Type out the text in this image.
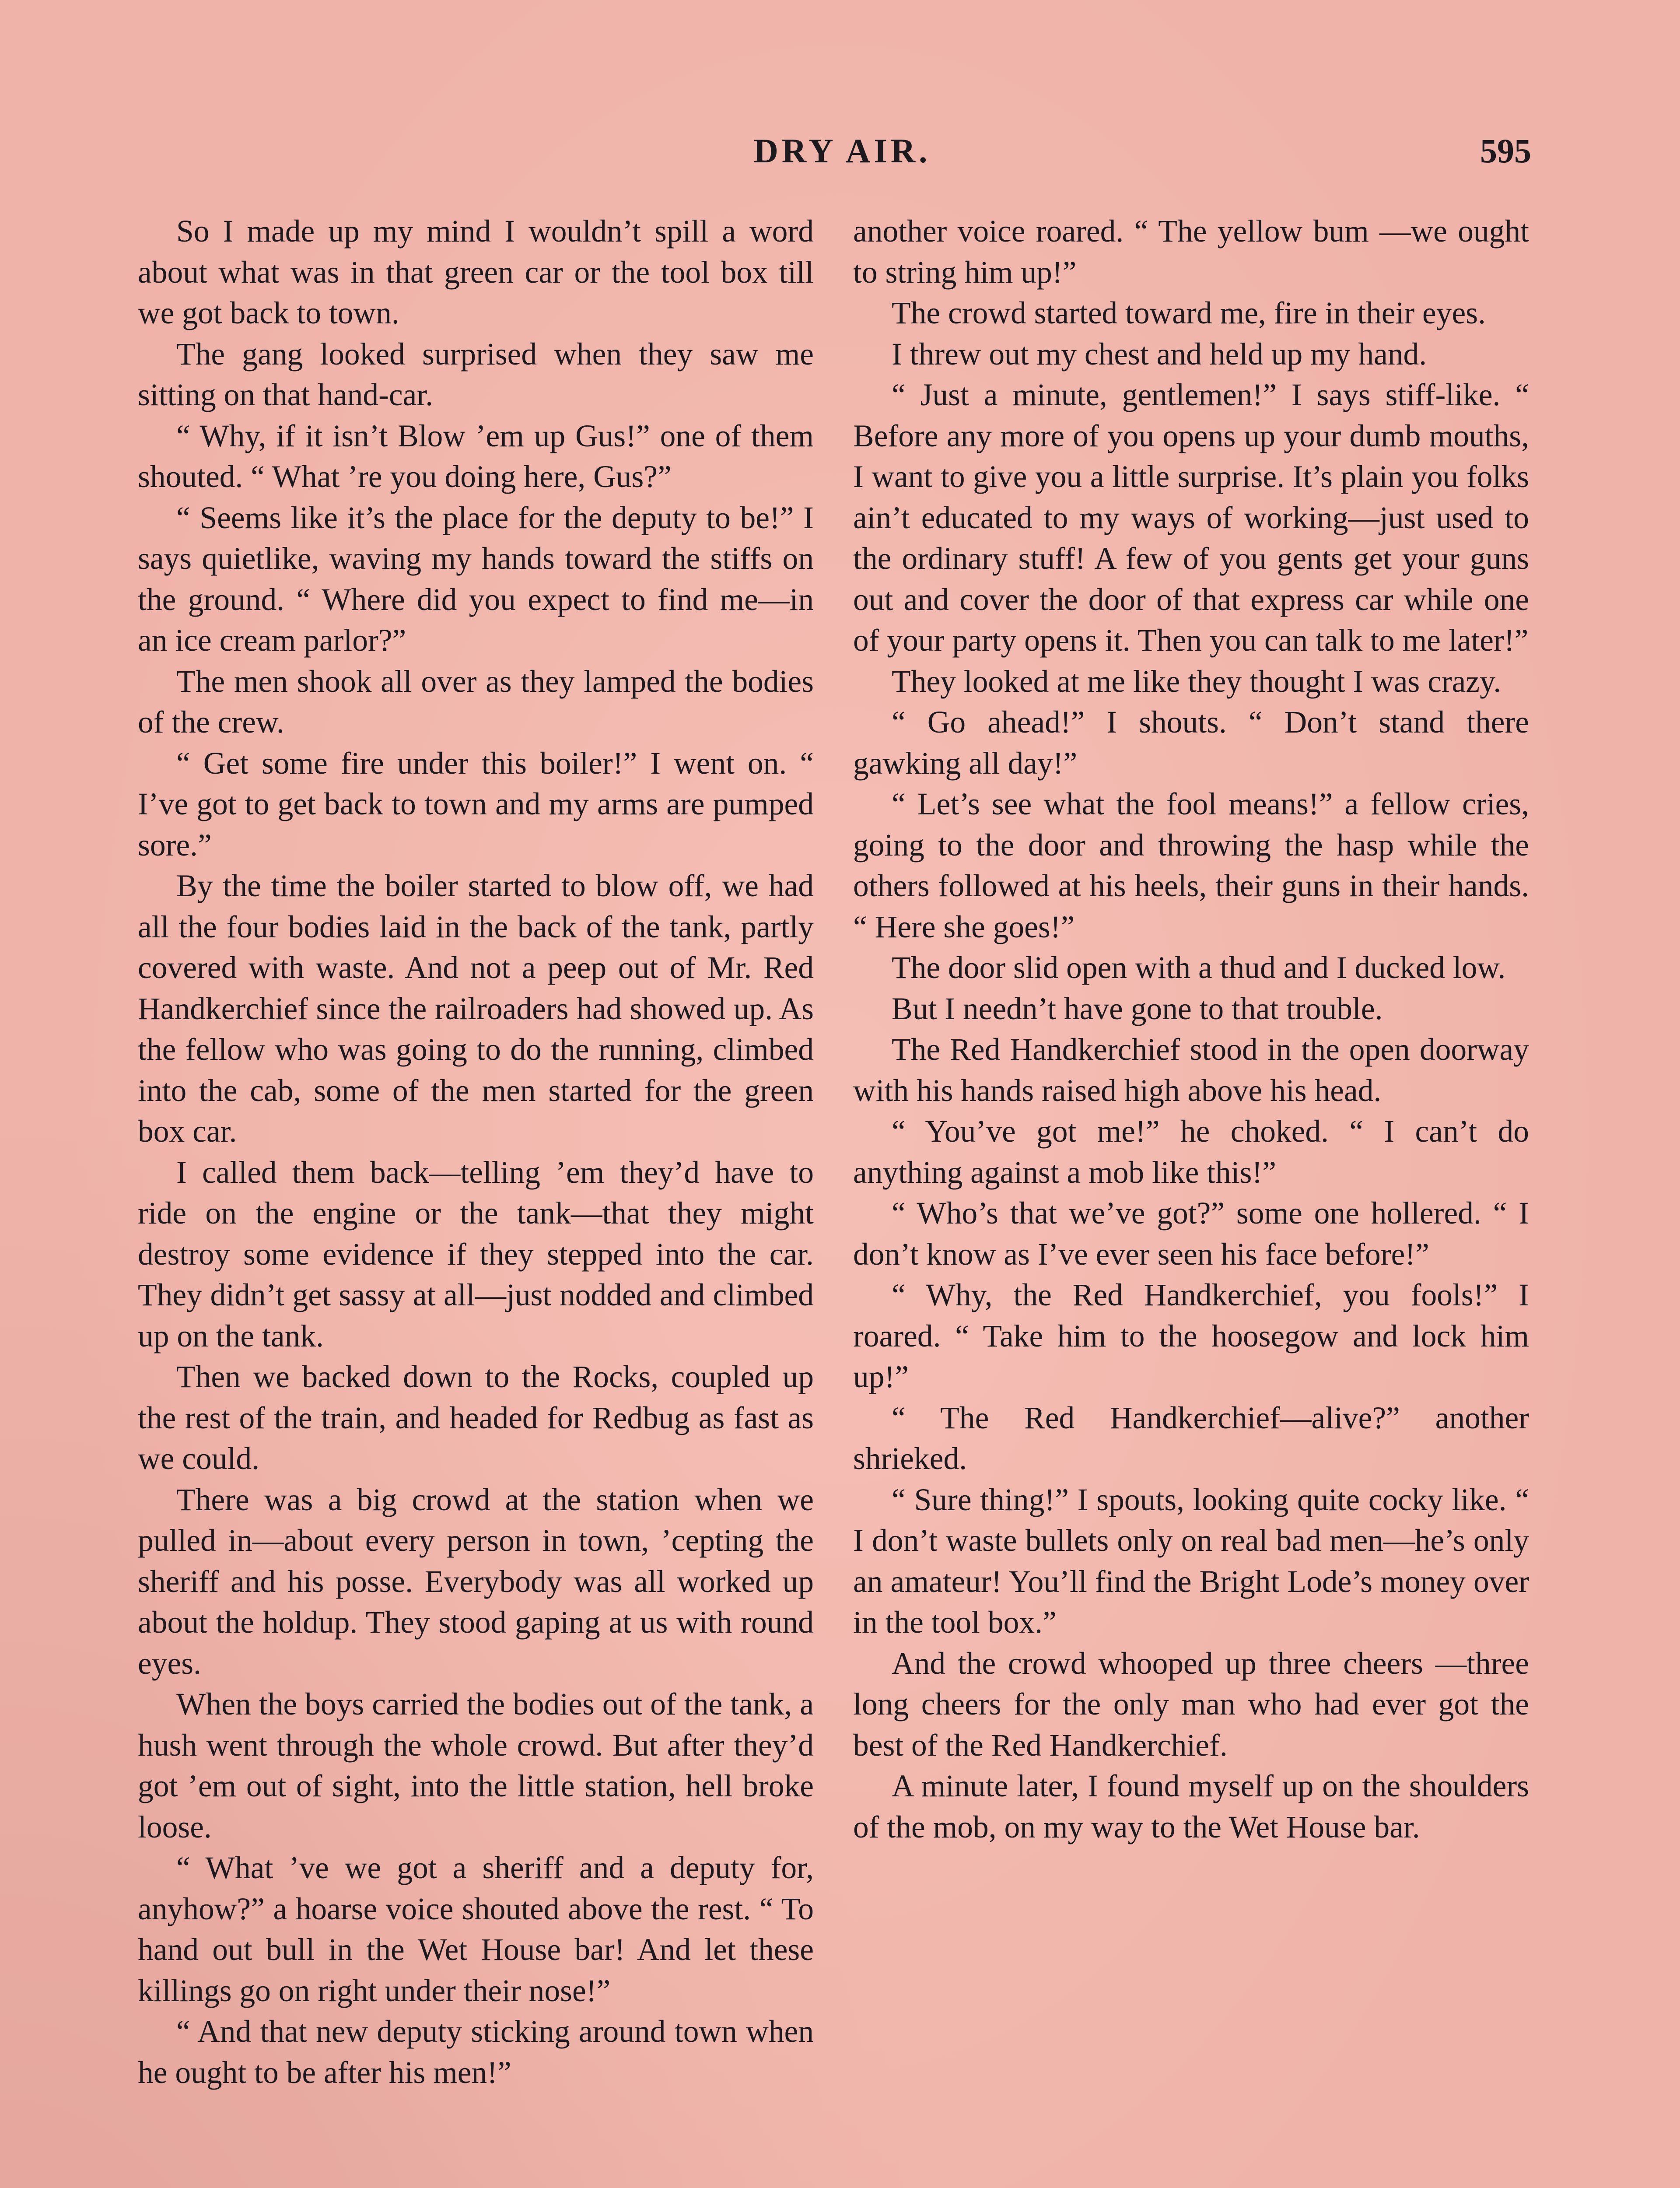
DRY AIR.	595

So I made up my mind I wouldn’t spill a word about what was in that green car or the tool box till we got back to town.

The gang looked surprised when they saw me sitting on that hand-car.

“ Why, if it isn’t Blow ’em up Gus!” one of them shouted. “ What ’re you doing here, Gus?”

“ Seems like it’s the place for the deputy to be!” I says quietlike, waving my hands toward the stiffs on the ground. “ Where did you expect to find me—in an ice cream parlor?”

The men shook all over as they lamped the bodies of the crew.

“ Get some fire under this boiler!” I went on. “ I’ve got to get back to town and my arms are pumped sore.”

By the time the boiler started to blow off, we had all the four bodies laid in the back of the tank, partly covered with waste. And not a peep out of Mr. Red Handkerchief since the railroaders had showed up. As the fellow who was going to do the running, climbed into the cab, some of the men started for the green box car.

I called them back—telling ’em they’d have to ride on the engine or the tank—that they might destroy some evidence if they stepped into the car. They didn’t get sassy at all—just nodded and climbed up on the tank.

Then we backed down to the Rocks, coupled up the rest of the train, and headed for Redbug as fast as we could.

There was a big crowd at the station when we pulled in—about every person in town, ’cepting the sheriff and his posse. Everybody was all worked up about the holdup. They stood gaping at us with round eyes.

When the boys carried the bodies out of the tank, a hush went through the whole crowd. But after they’d got ’em out of sight, into the little station, hell broke loose.

“ What ’ve we got a sheriff and a deputy for, anyhow?” a hoarse voice shouted above the rest. “ To hand out bull in the Wet House bar! And let these killings go on right under their nose!”

“ And that new deputy sticking around town when he ought to be after his men!”

another voice roared. “ The yellow bum —we ought to string him up!”

The crowd started toward me, fire in their eyes.

I threw out my chest and held up my hand.

“ Just a minute, gentlemen!” I says stiff-like. “ Before any more of you opens up your dumb mouths, I want to give you a little surprise. It’s plain you folks ain’t educated to my ways of working—just used to the ordinary stuff! A few of you gents get your guns out and cover the door of that express car while one of your party opens it. Then you can talk to me later!”

They looked at me like they thought I was crazy.

“ Go ahead!” I shouts. “ Don’t stand there gawking all day!”

“ Let’s see what the fool means!” a fellow cries, going to the door and throwing the hasp while the others followed at his heels, their guns in their hands. “ Here she goes!”

The door slid open with a thud and I ducked low.

But I needn’t have gone to that trouble.

The Red Handkerchief stood in the open doorway with his hands raised high above his head.

“ You’ve got me!” he choked. “ I can’t do anything against a mob like this!”

“ Who’s that we’ve got?” some one hollered. “ I don’t know as I’ve ever seen his face before!”

“ Why, the Red Handkerchief, you fools!” I roared. “ Take him to the hoosegow and lock him up!”

“ The Red Handkerchief—alive?” another shrieked.

“ Sure thing!” I spouts, looking quite cocky like. “ I don’t waste bullets only on real bad men—he’s only an amateur! You’ll find the Bright Lode’s money over in the tool box.”

And the crowd whooped up three cheers —three long cheers for the only man who had ever got the best of the Red Handkerchief.

A minute later, I found myself up on the shoulders of the mob, on my way to the Wet House bar.
